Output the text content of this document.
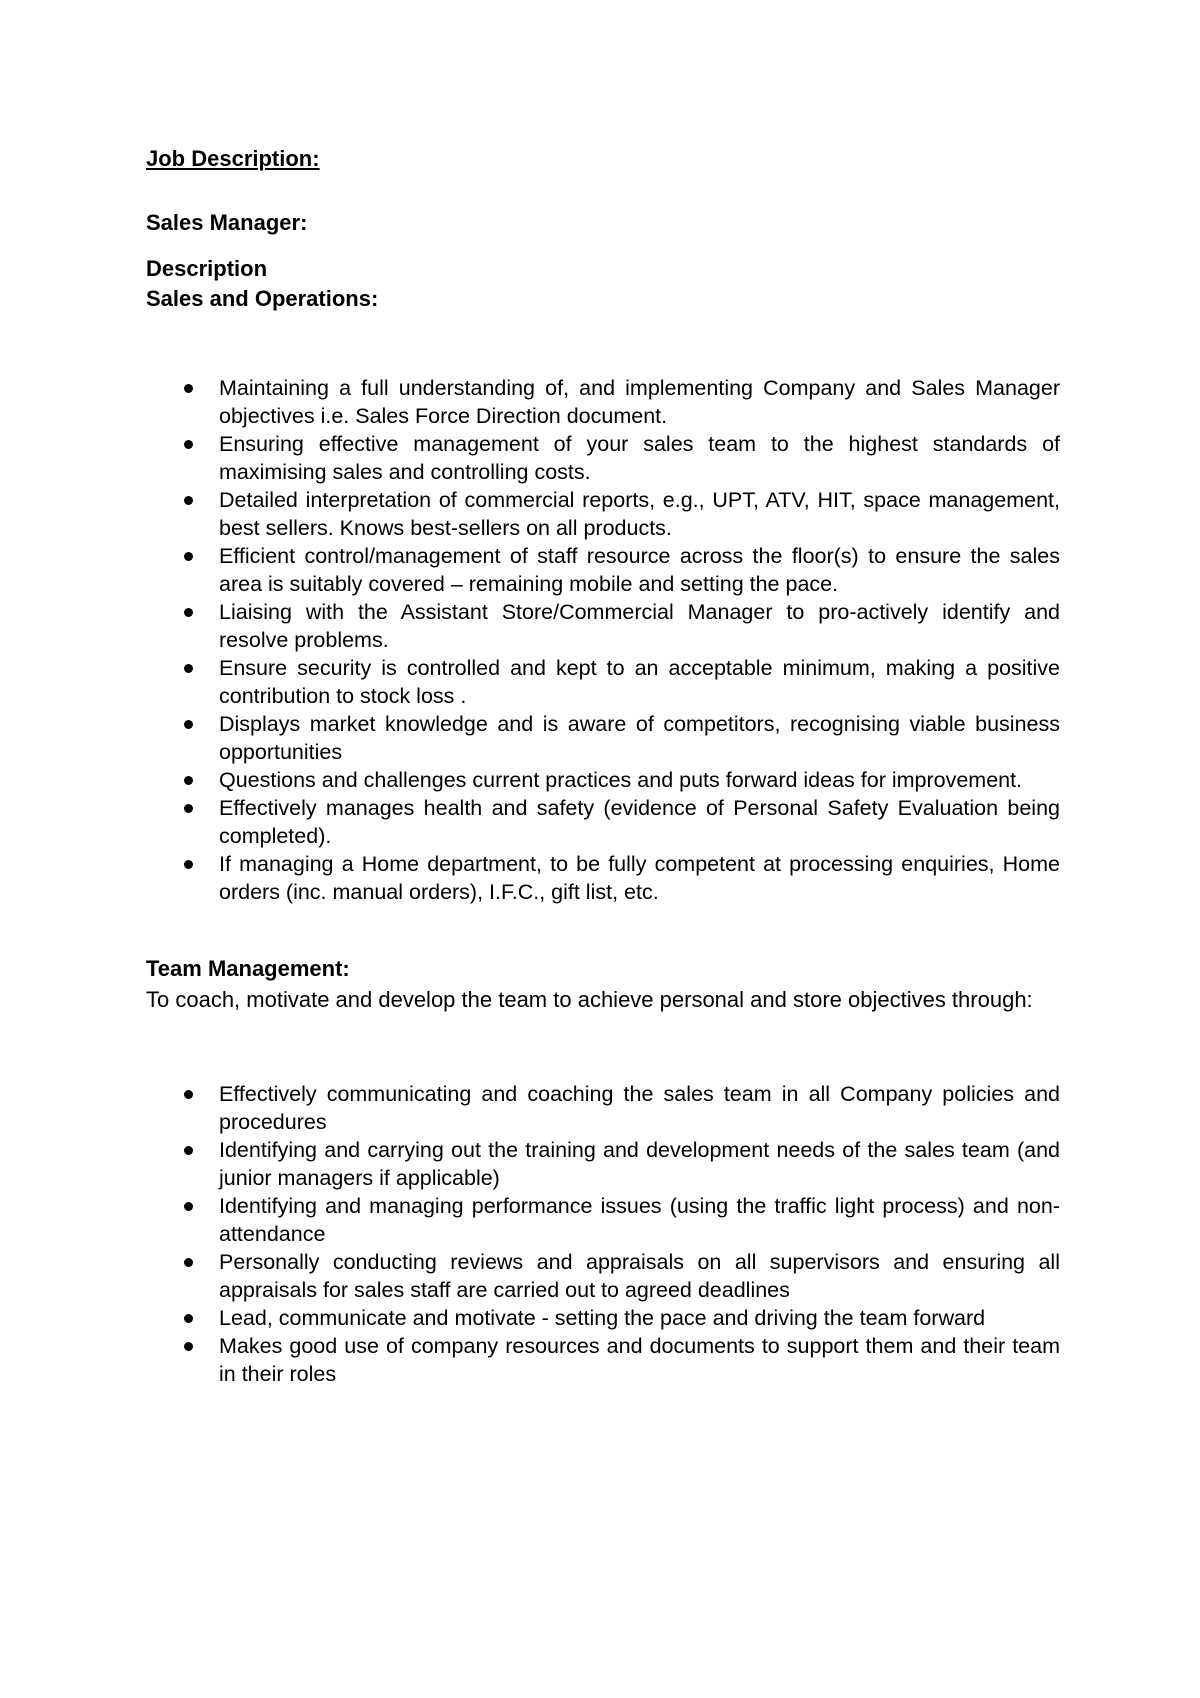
Job Description:

Sales Manager:

Description

Sales and Operations:

Maintaining a full understanding of, and implementing Company and Sales Manager objectives i.e. Sales Force Direction document.
Ensuring effective management of your sales team to the highest standards of maximising sales and controlling costs.
Detailed interpretation of commercial reports, e.g., UPT, ATV, HIT, space management, best sellers. Knows best-sellers on all products.
Efficient control/management of staff resource across the floor(s) to ensure the sales area is suitably covered – remaining mobile and setting the pace.
Liaising with the Assistant Store/Commercial Manager to pro-actively identify and resolve problems.
Ensure security is controlled and kept to an acceptable minimum, making a positive contribution to stock loss .
Displays market knowledge and is aware of competitors, recognising viable business opportunities
Questions and challenges current practices and puts forward ideas for improvement.
Effectively manages health and safety (evidence of Personal Safety Evaluation being completed).
If managing a Home department, to be fully competent at processing enquiries, Home orders (inc. manual orders), I.F.C., gift list, etc.

Team Management:

To coach, motivate and develop the team to achieve personal and store objectives through:

Effectively communicating and coaching the sales team in all Company policies and procedures
Identifying and carrying out the training and development needs of the sales team (and junior managers if applicable)
Identifying and managing performance issues (using the traffic light process) and non-attendance
Personally conducting reviews and appraisals on all supervisors and ensuring all appraisals for sales staff are carried out to agreed deadlines
Lead, communicate and motivate - setting the pace and driving the team forward
Makes good use of company resources and documents to support them and their team in their roles
